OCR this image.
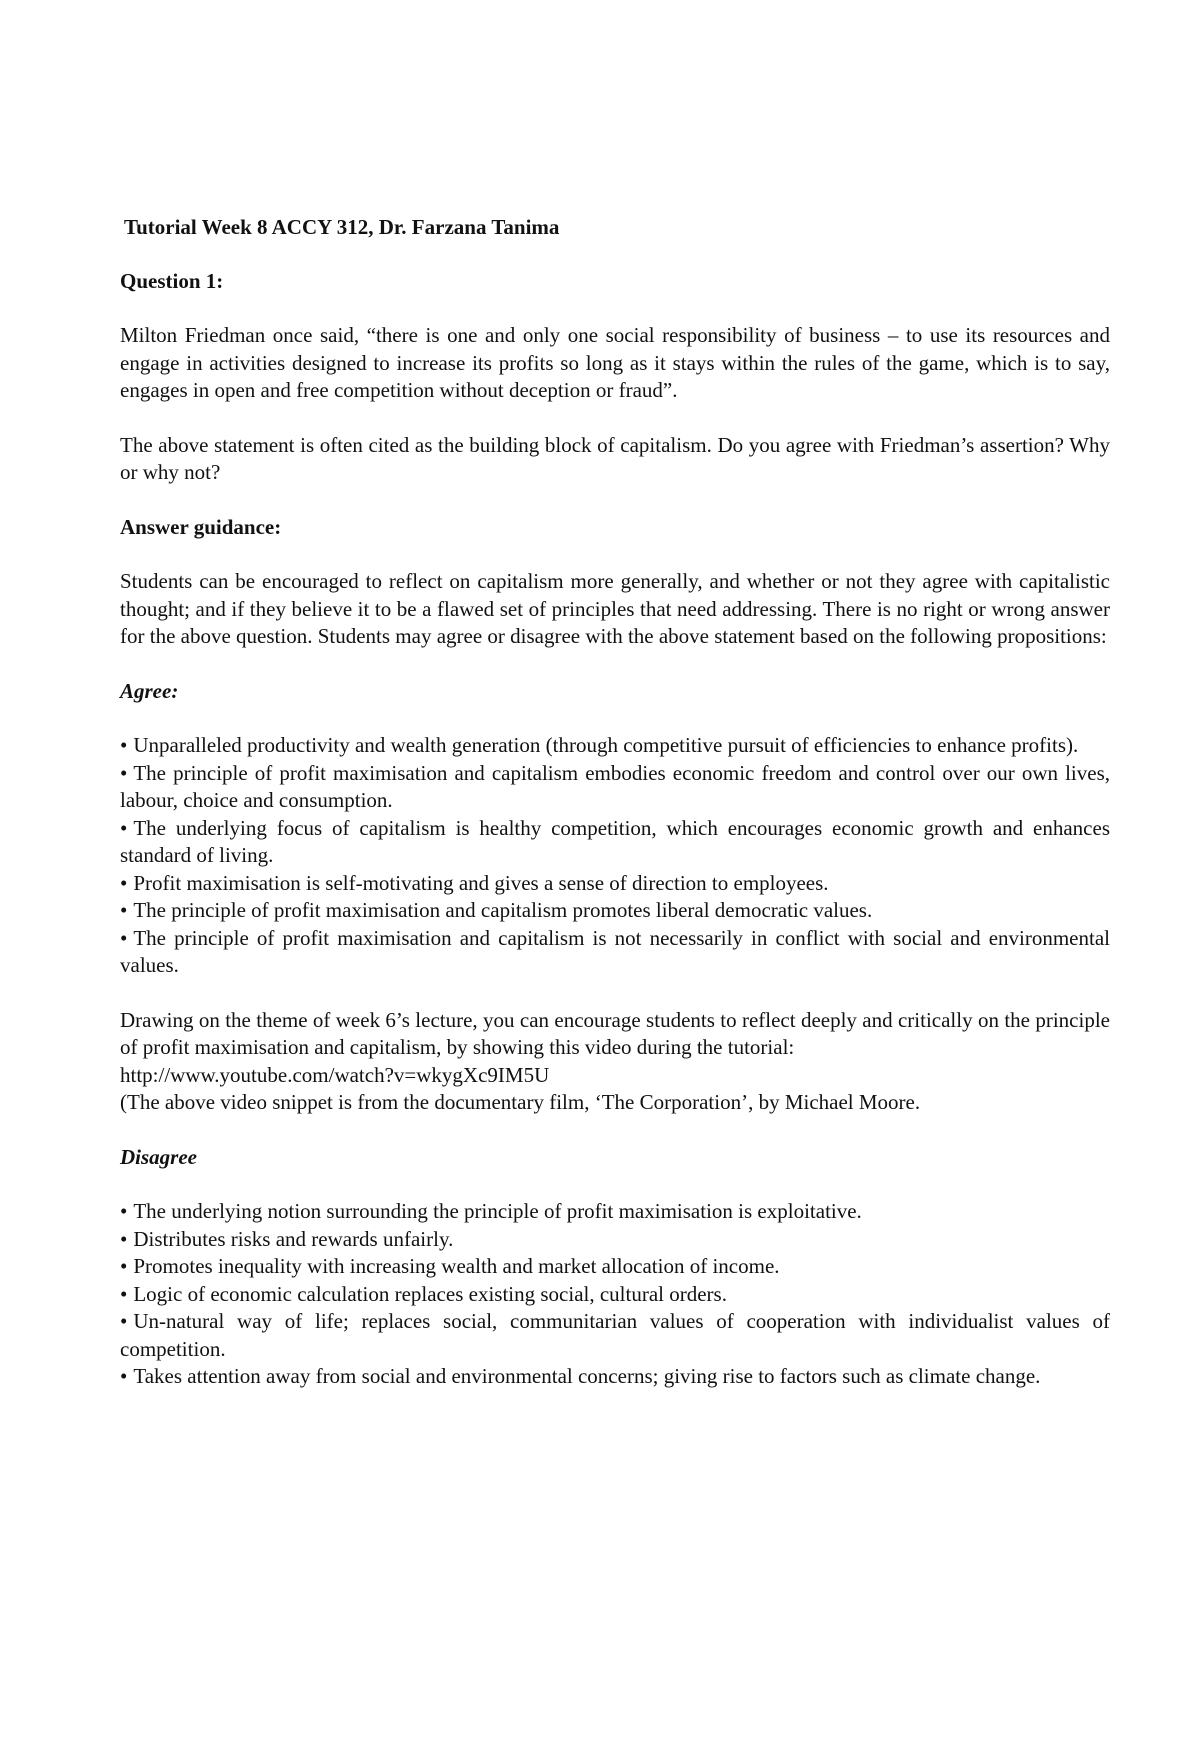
Tutorial Week 8 ACCY 312, Dr. Farzana Tanima
Question 1:
Milton Friedman once said, “there is one and only one social responsibility of business – to use its resources and engage in activities designed to increase its profits so long as it stays within the rules of the game, which is to say, engages in open and free competition without deception or fraud”.
The above statement is often cited as the building block of capitalism. Do you agree with Friedman’s assertion? Why or why not?
Answer guidance:
Students can be encouraged to reflect on capitalism more generally, and whether or not they agree with capitalistic thought; and if they believe it to be a flawed set of principles that need addressing. There is no right or wrong answer for the above question. Students may agree or disagree with the above statement based on the following propositions:
Agree:
• Unparalleled productivity and wealth generation (through competitive pursuit of efficiencies to enhance profits).
• The principle of profit maximisation and capitalism embodies economic freedom and control over our own lives, labour, choice and consumption.
• The underlying focus of capitalism is healthy competition, which encourages economic growth and enhances standard of living.
• Profit maximisation is self-motivating and gives a sense of direction to employees.
• The principle of profit maximisation and capitalism promotes liberal democratic values.
• The principle of profit maximisation and capitalism is not necessarily in conflict with social and environmental values.
Drawing on the theme of week 6’s lecture, you can encourage students to reflect deeply and critically on the principle of profit maximisation and capitalism, by showing this video during the tutorial:
http://www.youtube.com/watch?v=wkygXc9IM5U
(The above video snippet is from the documentary film, ‘The Corporation’, by Michael Moore.
Disagree
• The underlying notion surrounding the principle of profit maximisation is exploitative.
• Distributes risks and rewards unfairly.
• Promotes inequality with increasing wealth and market allocation of income.
• Logic of economic calculation replaces existing social, cultural orders.
• Un-natural way of life; replaces social, communitarian values of cooperation with individualist values of competition.
• Takes attention away from social and environmental concerns; giving rise to factors such as climate change.
